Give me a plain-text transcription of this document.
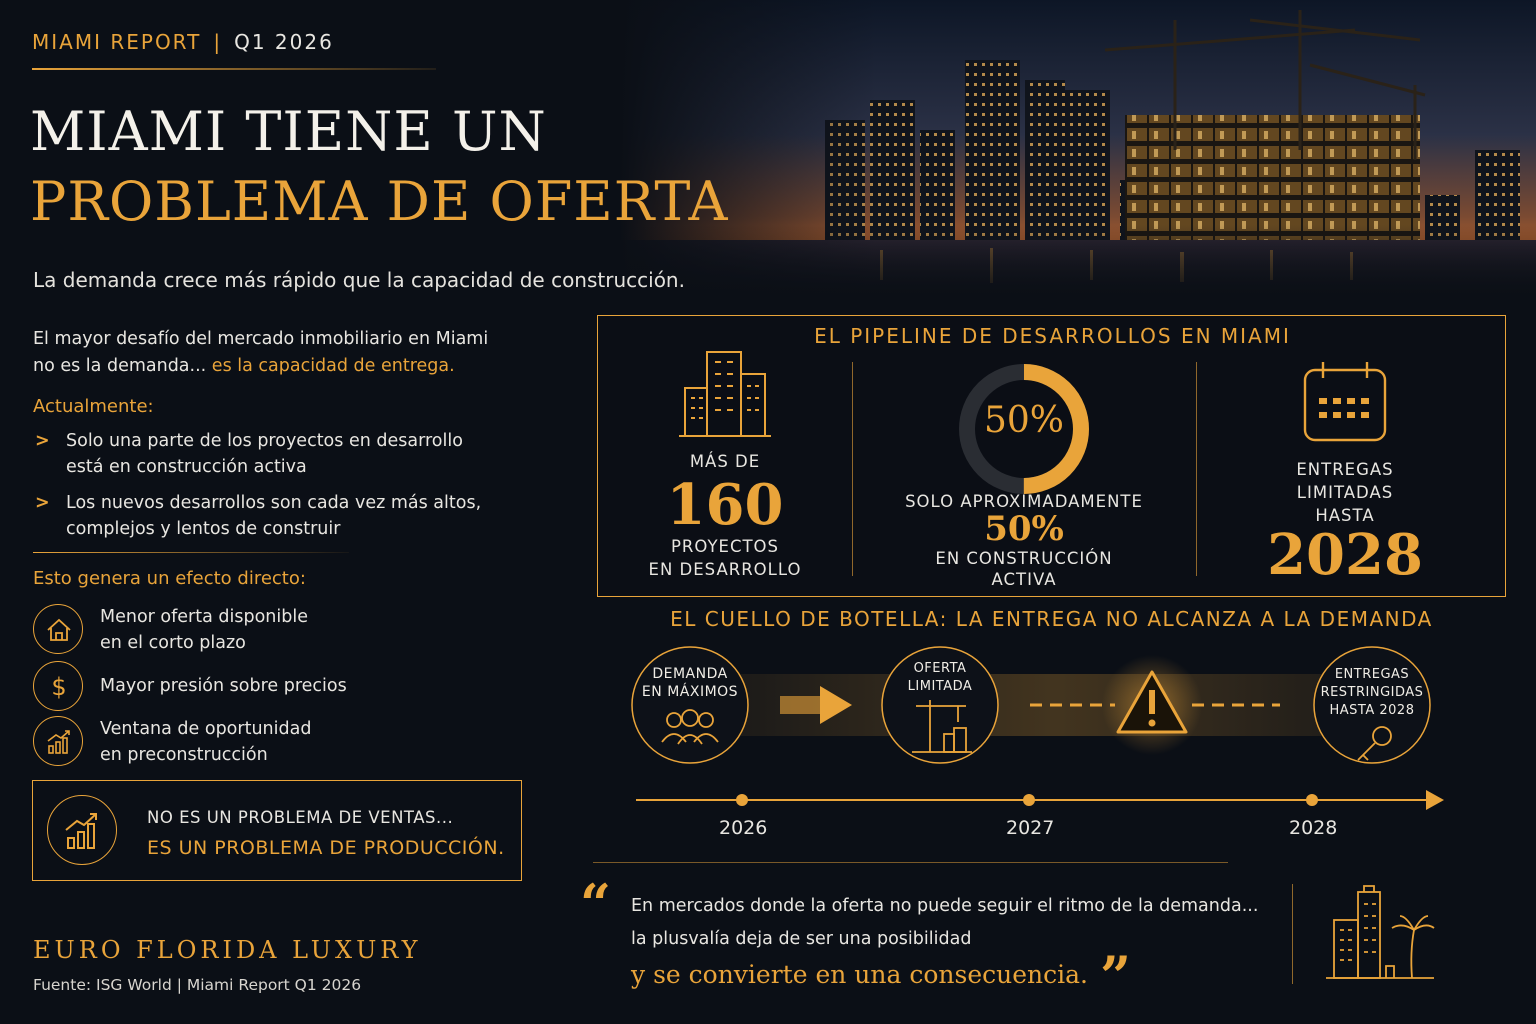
MIAMI REPORT | Q1 2026
MIAMI TIENE UN
PROBLEMA DE OFERTA
La demanda crece más rápido que la capacidad de construcción.
El mayor desafío del mercado inmobiliario en Miami
no es la demanda... es la capacidad de entrega.
Actualmente:
> Solo una parte de los proyectos en desarrollo
está en construcción activa
> Los nuevos desarrollos son cada vez más altos,
complejos y lentos de construir
Esto genera un efecto directo:
Menor oferta disponible
en el corto plazo
$ Mayor presión sobre precios
Ventana de oportunidad
en preconstrucción
NO ES UN PROBLEMA DE VENTAS...
ES UN PROBLEMA DE PRODUCCIÓN.
EURO FLORIDA LUXURY
Fuente: ISG World | Miami Report Q1 2026
EL PIPELINE DE DESARROLLOS EN MIAMI
MÁS DE
160
PROYECTOS
EN DESARROLLO
50%
SOLO APROXIMADAMENTE
50%
EN CONSTRUCCIÓN
ACTIVA
ENTREGAS
LIMITADAS
HASTA
2028
EL CUELLO DE BOTELLA: LA ENTREGA NO ALCANZA A LA DEMANDA
DEMANDA
EN MÁXIMOS
OFERTA
LIMITADA
ENTREGAS
RESTRINGIDAS
HASTA 2028
2026	2027	2028
“ En mercados donde la oferta no puede seguir el ritmo de la demanda...
la plusvalía deja de ser una posibilidad
y se convierte en una consecuencia. ”
